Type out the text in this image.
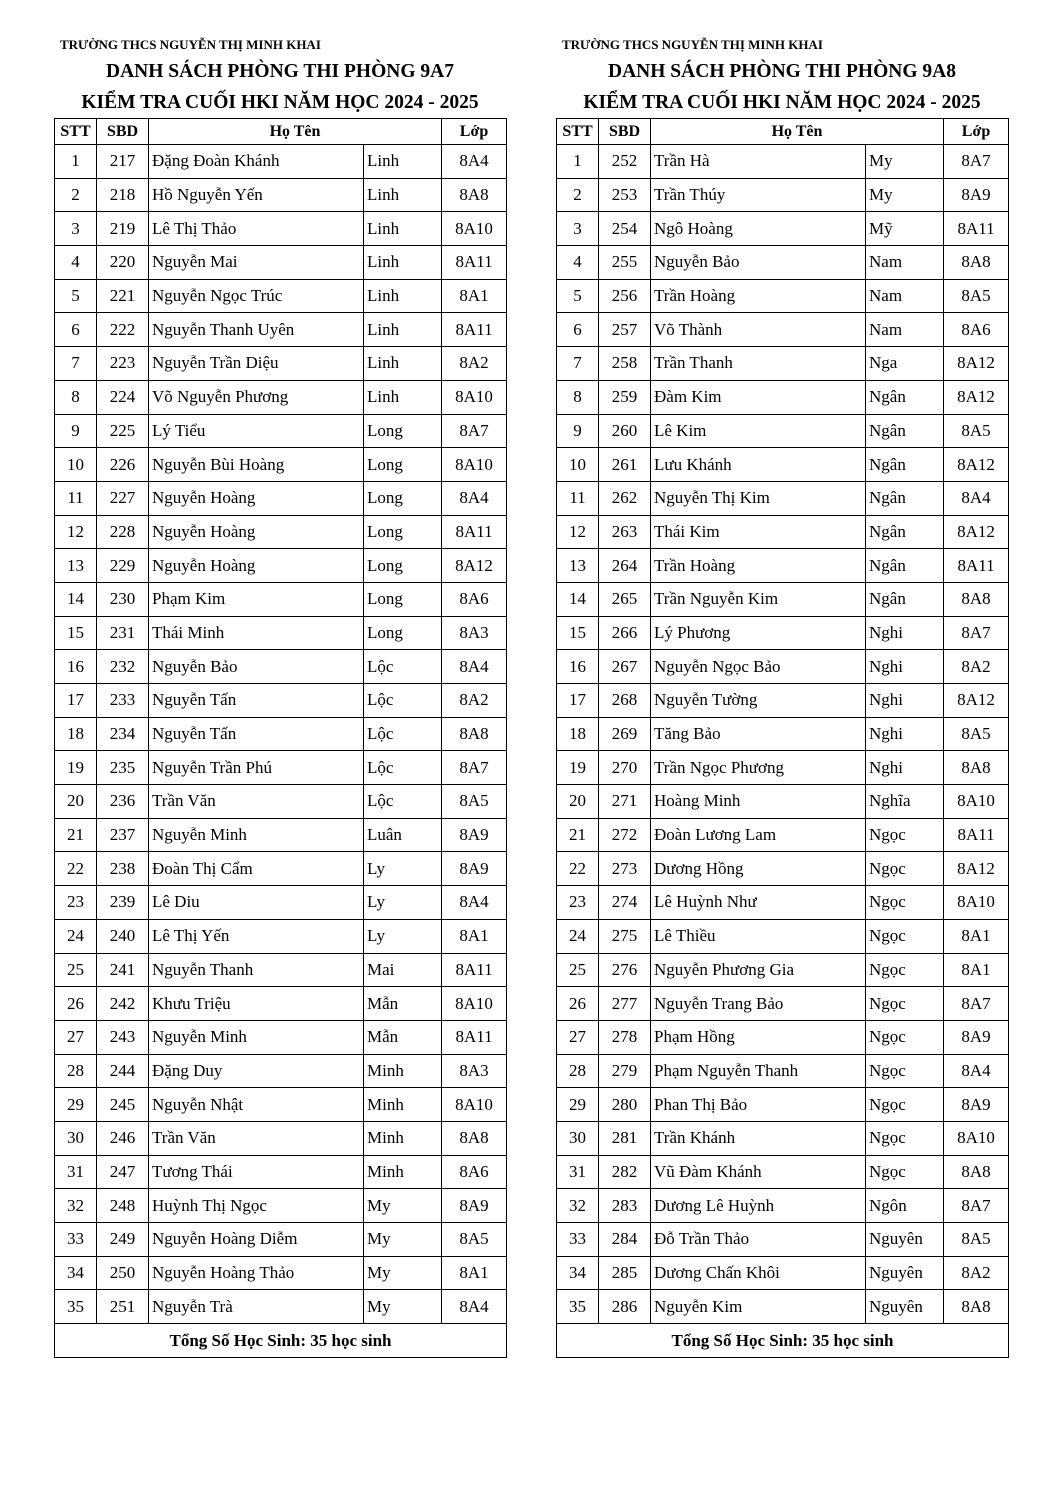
TRƯỜNG THCS NGUYỄN THỊ MINH KHAI
DANH SÁCH PHÒNG THI PHÒNG 9A7
KIỂM TRA CUỐI HKI NĂM HỌC 2024 - 2025
STT	SBD	Họ Tên		Lớp
1	217	Đặng Đoàn Khánh	Linh	8A4
2	218	Hồ Nguyễn Yến	Linh	8A8
3	219	Lê Thị Thảo	Linh	8A10
4	220	Nguyễn Mai	Linh	8A11
5	221	Nguyễn Ngọc Trúc	Linh	8A1
6	222	Nguyễn Thanh Uyên	Linh	8A11
7	223	Nguyễn Trần Diệu	Linh	8A2
8	224	Võ Nguyễn Phương	Linh	8A10
9	225	Lý Tiểu	Long	8A7
10	226	Nguyễn Bùi Hoàng	Long	8A10
11	227	Nguyễn Hoàng	Long	8A4
12	228	Nguyễn Hoàng	Long	8A11
13	229	Nguyễn Hoàng	Long	8A12
14	230	Phạm Kim	Long	8A6
15	231	Thái Minh	Long	8A3
16	232	Nguyễn Bảo	Lộc	8A4
17	233	Nguyễn Tấn	Lộc	8A2
18	234	Nguyễn Tấn	Lộc	8A8
19	235	Nguyễn Trần Phú	Lộc	8A7
20	236	Trần Văn	Lộc	8A5
21	237	Nguyễn Minh	Luân	8A9
22	238	Đoàn Thị Cẩm	Ly	8A9
23	239	Lê Diu	Ly	8A4
24	240	Lê Thị Yến	Ly	8A1
25	241	Nguyễn Thanh	Mai	8A11
26	242	Khưu Triệu	Mẫn	8A10
27	243	Nguyễn Minh	Mẫn	8A11
28	244	Đặng Duy	Minh	8A3
29	245	Nguyễn Nhật	Minh	8A10
30	246	Trần Văn	Minh	8A8
31	247	Tương Thái	Minh	8A6
32	248	Huỳnh Thị Ngọc	My	8A9
33	249	Nguyễn Hoàng Diễm	My	8A5
34	250	Nguyễn Hoàng Thảo	My	8A1
35	251	Nguyễn Trà	My	8A4
Tổng Số Học Sinh: 35 học sinh				
TRƯỜNG THCS NGUYỄN THỊ MINH KHAI
DANH SÁCH PHÒNG THI PHÒNG 9A8
KIỂM TRA CUỐI HKI NĂM HỌC 2024 - 2025
STT	SBD	Họ Tên		Lớp
1	252	Trần Hà	My	8A7
2	253	Trần Thúy	My	8A9
3	254	Ngô Hoàng	Mỹ	8A11
4	255	Nguyễn Bảo	Nam	8A8
5	256	Trần Hoàng	Nam	8A5
6	257	Võ Thành	Nam	8A6
7	258	Trần Thanh	Nga	8A12
8	259	Đàm Kim	Ngân	8A12
9	260	Lê Kim	Ngân	8A5
10	261	Lưu Khánh	Ngân	8A12
11	262	Nguyễn Thị Kim	Ngân	8A4
12	263	Thái Kim	Ngân	8A12
13	264	Trần Hoàng	Ngân	8A11
14	265	Trần Nguyễn Kim	Ngân	8A8
15	266	Lý Phương	Nghi	8A7
16	267	Nguyễn Ngọc Bảo	Nghi	8A2
17	268	Nguyễn Tường	Nghi	8A12
18	269	Tăng Bảo	Nghi	8A5
19	270	Trần Ngọc Phương	Nghi	8A8
20	271	Hoàng Minh	Nghĩa	8A10
21	272	Đoàn Lương Lam	Ngọc	8A11
22	273	Dương Hồng	Ngọc	8A12
23	274	Lê Huỳnh Như	Ngọc	8A10
24	275	Lê Thiều	Ngọc	8A1
25	276	Nguyễn Phương Gia	Ngọc	8A1
26	277	Nguyễn Trang Bảo	Ngọc	8A7
27	278	Phạm Hồng	Ngọc	8A9
28	279	Phạm Nguyễn Thanh	Ngọc	8A4
29	280	Phan Thị Bảo	Ngọc	8A9
30	281	Trần Khánh	Ngọc	8A10
31	282	Vũ Đàm Khánh	Ngọc	8A8
32	283	Dương Lê Huỳnh	Ngôn	8A7
33	284	Đỗ Trần Thảo	Nguyên	8A5
34	285	Dương Chấn Khôi	Nguyên	8A2
35	286	Nguyễn Kim	Nguyên	8A8
Tổng Số Học Sinh: 35 học sinh				
